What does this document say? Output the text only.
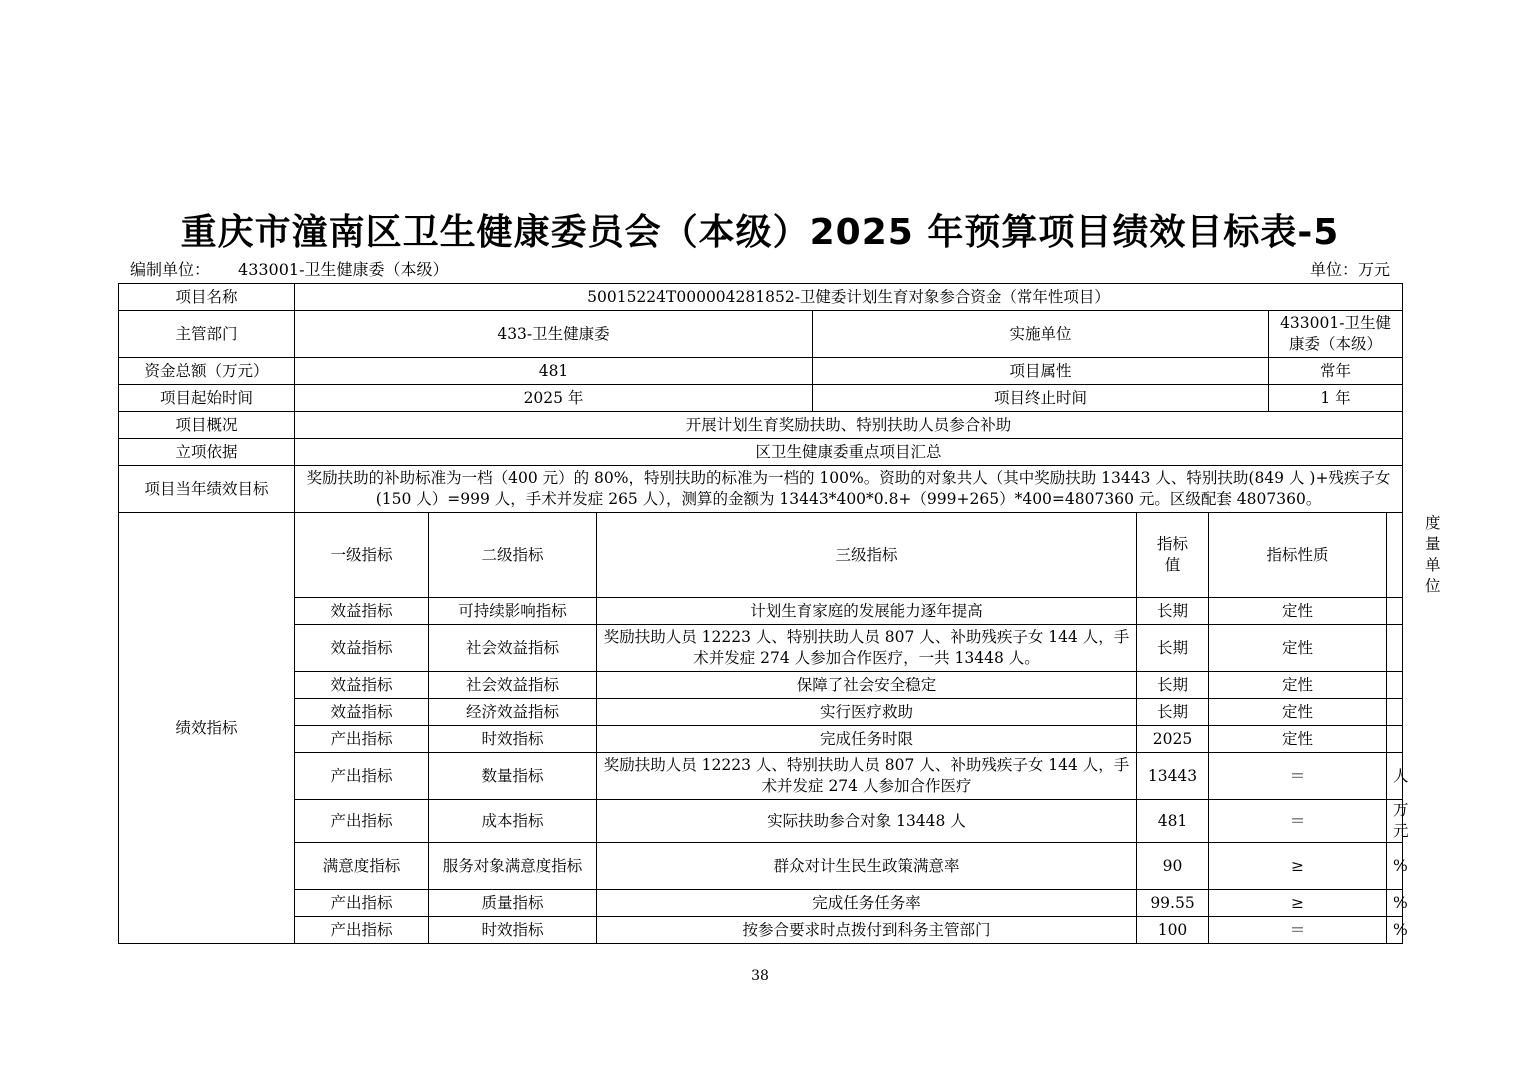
重庆市潼南区卫生健康委员会（本级）2025 年预算项目绩效目标表-5
编制单位： 433001-卫生健康委（本级）	单位：万元
项目名称	50015224T000004281852-卫健委计划生育对象参合资金（常年性项目）							
主管部门	433-卫生健康委			实施单位			433001-卫生健康委（本级）	
资金总额（万元）	481			项目属性			常年	
项目起始时间	2025 年			项目终止时间			1 年	
项目概况	开展计划生育奖励扶助、特别扶助人员参合补助							
立项依据	区卫生健康委重点项目汇总							
项目当年绩效目标	奖励扶助的补助标准为一档（400 元）的 80%，特别扶助的标准为一档的 100%。资助的对象共人（其中奖励扶助 13443 人、特别扶助(849 人 )+残疾子女(150 人）=999 人，手术并发症 265 人），测算的金额为 13443*400*0.8+（999+265）*400=4807360 元。区级配套 4807360。							
绩效指标	一级指标	二级指标	三级指标		指标值	指标性质		度量单位
	效益指标	可持续影响指标	计划生育家庭的发展能力逐年提高		长期	定性		
	效益指标	社会效益指标	奖励扶助人员 12223 人、特别扶助人员 807 人、补助残疾子女 144 人，手术并发症 274 人参加合作医疗，一共 13448 人。		长期	定性		
	效益指标	社会效益指标	保障了社会安全稳定		长期	定性		
	效益指标	经济效益指标	实行医疗救助		长期	定性		
	产出指标	时效指标	完成任务时限		2025	定性		
	产出指标	数量指标	奖励扶助人员 12223 人、特别扶助人员 807 人、补助残疾子女 144 人，手术并发症 274 人参加合作医疗		13443	＝		人
	产出指标	成本指标	实际扶助参合对象 13448 人		481	＝		万元
	满意度指标	服务对象满意度指标	群众对计生民生政策满意率		90	≥		%
	产出指标	质量指标	完成任务任务率		99.55	≥		%
	产出指标	时效指标	按参合要求时点拨付到科务主管部门		100	＝		%
38
